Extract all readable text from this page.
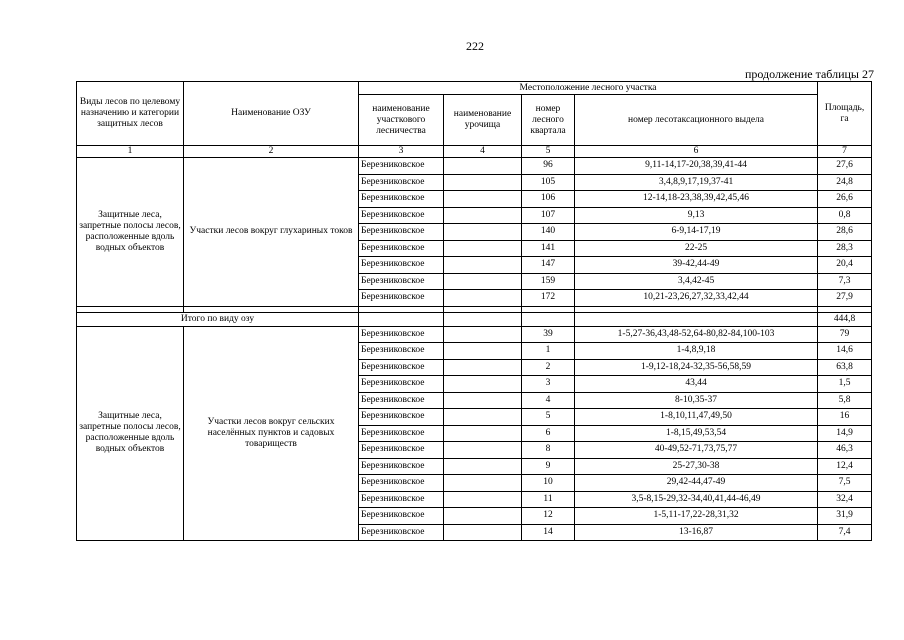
222
продолжение таблицы 27
Виды лесов по целевому назначению и категории защитных лесов	Наименование ОЗУ	Местоположение лесного участка				Площадь, га
		наименование участкового лесничества	наименование урочища	номер лесного квартала	номер лесотаксационного выдела	
1	2	3	4	5	6	7
Защитные леса, запретные полосы лесов, расположенные вдоль водных объектов	Участки лесов вокруг глухариных токов	Березниковское		96	9,11-14,17-20,38,39,41-44	27,6
		Березниковское		105	3,4,8,9,17,19,37-41	24,8
		Березниковское		106	12-14,18-23,38,39,42,45,46	26,6
		Березниковское		107	9,13	0,8
		Березниковское		140	6-9,14-17,19	28,6
		Березниковское		141	22-25	28,3
		Березниковское		147	39-42,44-49	20,4
		Березниковское		159	3,4,42-45	7,3
		Березниковское		172	10,21-23,26,27,32,33,42,44	27,9

Итого по виду озу						444,8
Защитные леса, запретные полосы лесов, расположенные вдоль водных объектов	Участки лесов вокруг сельских населённых пунктов и садовых товариществ	Березниковское		39	1-5,27-36,43,48-52,64-80,82-84,100-103	79
		Березниковское		1	1-4,8,9,18	14,6
		Березниковское		2	1-9,12-18,24-32,35-56,58,59	63,8
		Березниковское		3	43,44	1,5
		Березниковское		4	8-10,35-37	5,8
		Березниковское		5	1-8,10,11,47,49,50	16
		Березниковское		6	1-8,15,49,53,54	14,9
		Березниковское		8	40-49,52-71,73,75,77	46,3
		Березниковское		9	25-27,30-38	12,4
		Березниковское		10	29,42-44,47-49	7,5
		Березниковское		11	3,5-8,15-29,32-34,40,41,44-46,49	32,4
		Березниковское		12	1-5,11-17,22-28,31,32	31,9
		Березниковское		14	13-16,87	7,4
